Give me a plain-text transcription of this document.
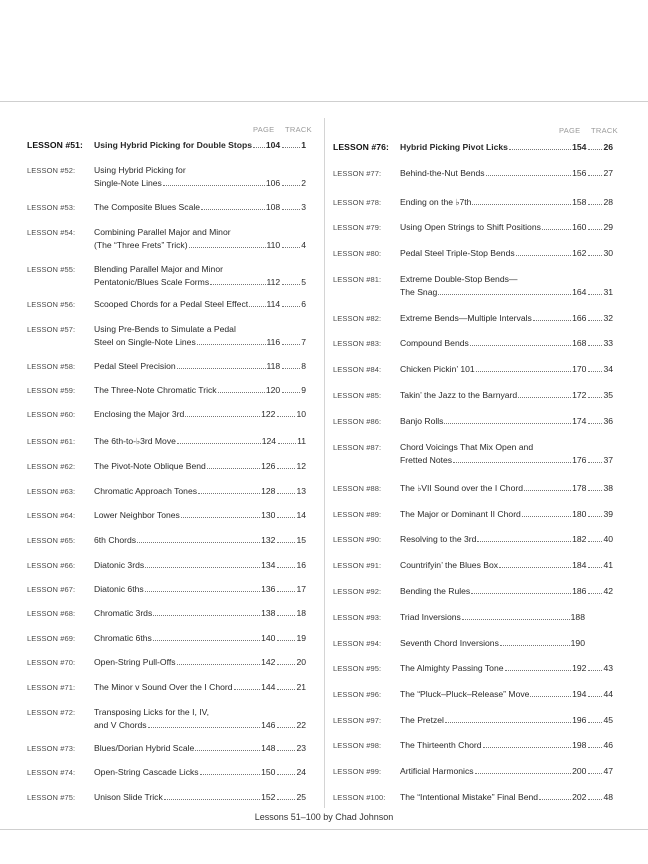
PAGE TRACK
LESSON #51: Using Hybrid Picking for Double Stops 104 1
LESSON #52: Using Hybrid Picking for
Single-Note Lines	106 2
LESSON #53: The Composite Blues Scale	108 3
LESSON #54: Combining Parallel Major and Minor
(The “Three Frets” Trick)	110 4
LESSON #55: Blending Parallel Major and Minor
Pentatonic/Blues Scale Forms	112 5
LESSON #56: Scooped Chords for a Pedal Steel Effect 114 6
LESSON #57: Using Pre-Bends to Simulate a Pedal
Steel on Single-Note Lines	116 7
LESSON #58: Pedal Steel Precision	118 8
LESSON #59: The Three-Note Chromatic Trick	120 9
LESSON #60: Enclosing the Major 3rd	122 10
LESSON #61: The 6th-to-♭3rd Move	124 11
LESSON #62: The Pivot-Note Oblique Bend	126 12
LESSON #63: Chromatic Approach Tones	128 13
LESSON #64: Lower Neighbor Tones	130 14
LESSON #65: 6th Chords	132 15
LESSON #66: Diatonic 3rds	134 16
LESSON #67: Diatonic 6ths	136 17
LESSON #68: Chromatic 3rds	138 18
LESSON #69: Chromatic 6ths	140 19
LESSON #70: Open-String Pull-Offs	142 20
LESSON #71: The Minor v Sound Over the I Chord	144 21
LESSON #72: Transposing Licks for the I, IV,
and V Chords	146 22
LESSON #73: Blues/Dorian Hybrid Scale	148 23
LESSON #74: Open-String Cascade Licks	150 24
LESSON #75: Unison Slide Trick	152 25
PAGE TRACK
LESSON #76: Hybrid Picking Pivot Licks	154 26
LESSON #77: Behind-the-Nut Bends	156 27
LESSON #78: Ending on the ♭7th	158 28
LESSON #79: Using Open Strings to Shift Positions	160 29
LESSON #80: Pedal Steel Triple-Stop Bends	162 30
LESSON #81: Extreme Double-Stop Bends—
The Snag	164 31
LESSON #82: Extreme Bends—Multiple Intervals	166 32
LESSON #83: Compound Bends	168 33
LESSON #84: Chicken Pickin’ 101	170 34
LESSON #85: Takin’ the Jazz to the Barnyard	172 35
LESSON #86: Banjo Rolls	174 36
LESSON #87: Chord Voicings That Mix Open and
Fretted Notes	176 37
LESSON #88: The ♭VII Sound over the I Chord	178 38
LESSON #89: The Major or Dominant II Chord	180 39
LESSON #90: Resolving to the 3rd	182 40
LESSON #91: Countrifyin’ the Blues Box	184 41
LESSON #92: Bending the Rules	186 42
LESSON #93: Triad Inversions	188
LESSON #94: Seventh Chord Inversions	190
LESSON #95: The Almighty Passing Tone	192 43
LESSON #96: The “Pluck–Pluck–Release” Move	194 44
LESSON #97: The Pretzel	196 45
LESSON #98: The Thirteenth Chord	198 46
LESSON #99: Artificial Harmonics	200 47
LESSON #100: The “Intentional Mistake” Final Bend	202 48
Lessons 51–100 by Chad Johnson
